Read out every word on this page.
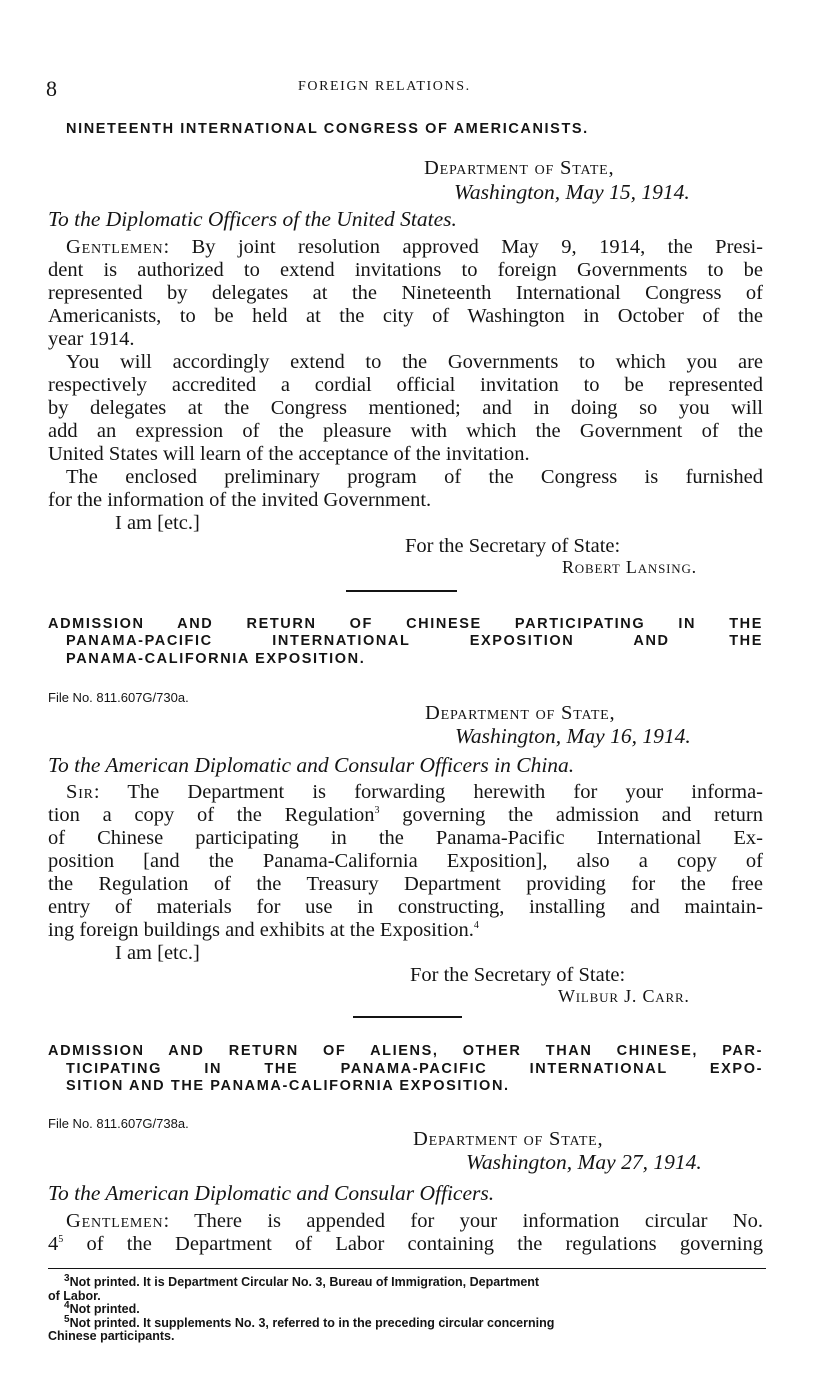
8	FOREIGN RELATIONS.
NINETEENTH INTERNATIONAL CONGRESS OF AMERICANISTS.
Department of State,
Washington, May 15, 1914.
To the Diplomatic Officers of the United States.
Gentlemen: By joint resolution approved May 9, 1914, the Presi-
dent is authorized to extend invitations to foreign Governments to be
represented by delegates at the Nineteenth International Congress of
Americanists, to be held at the city of Washington in October of the
year 1914.
You will accordingly extend to the Governments to which you are
respectively accredited a cordial official invitation to be represented
by delegates at the Congress mentioned; and in doing so you will
add an expression of the pleasure with which the Government of the
United States will learn of the acceptance of the invitation.
The enclosed preliminary program of the Congress is furnished
for the information of the invited Government.
I am [etc.]
For the Secretary of State:
Robert Lansing.
ADMISSION AND RETURN OF CHINESE PARTICIPATING IN THE
PANAMA-PACIFIC INTERNATIONAL EXPOSITION AND THE
PANAMA-CALIFORNIA EXPOSITION.
File No. 811.607G/730a.
Department of State,
Washington, May 16, 1914.
To the American Diplomatic and Consular Officers in China.
Sir: The Department is forwarding herewith for your informa-
tion a copy of the Regulation$^3$ governing the admission and return
of Chinese participating in the Panama-Pacific International Ex-
position [and the Panama-California Exposition], also a copy of
the Regulation of the Treasury Department providing for the free
entry of materials for use in constructing, installing and maintain-
ing foreign buildings and exhibits at the Exposition.$^4$
I am [etc.]
For the Secretary of State:
Wilbur J. Carr.
ADMISSION AND RETURN OF ALIENS, OTHER THAN CHINESE, PAR-
TICIPATING IN THE PANAMA-PACIFIC INTERNATIONAL EXPO-
SITION AND THE PANAMA-CALIFORNIA EXPOSITION.
File No. 811.607G/738a.
Department of State,
Washington, May 27, 1914.
To the American Diplomatic and Consular Officers.
Gentlemen: There is appended for your information circular No.
$4^5$ of the Department of Labor containing the regulations governing
$^3$Not printed. It is Department Circular No. 3, Bureau of Immigration, Department
of Labor.
$^4$Not printed.
$^5$Not printed. It supplements No. 3, referred to in the preceding circular concerning
Chinese participants.
